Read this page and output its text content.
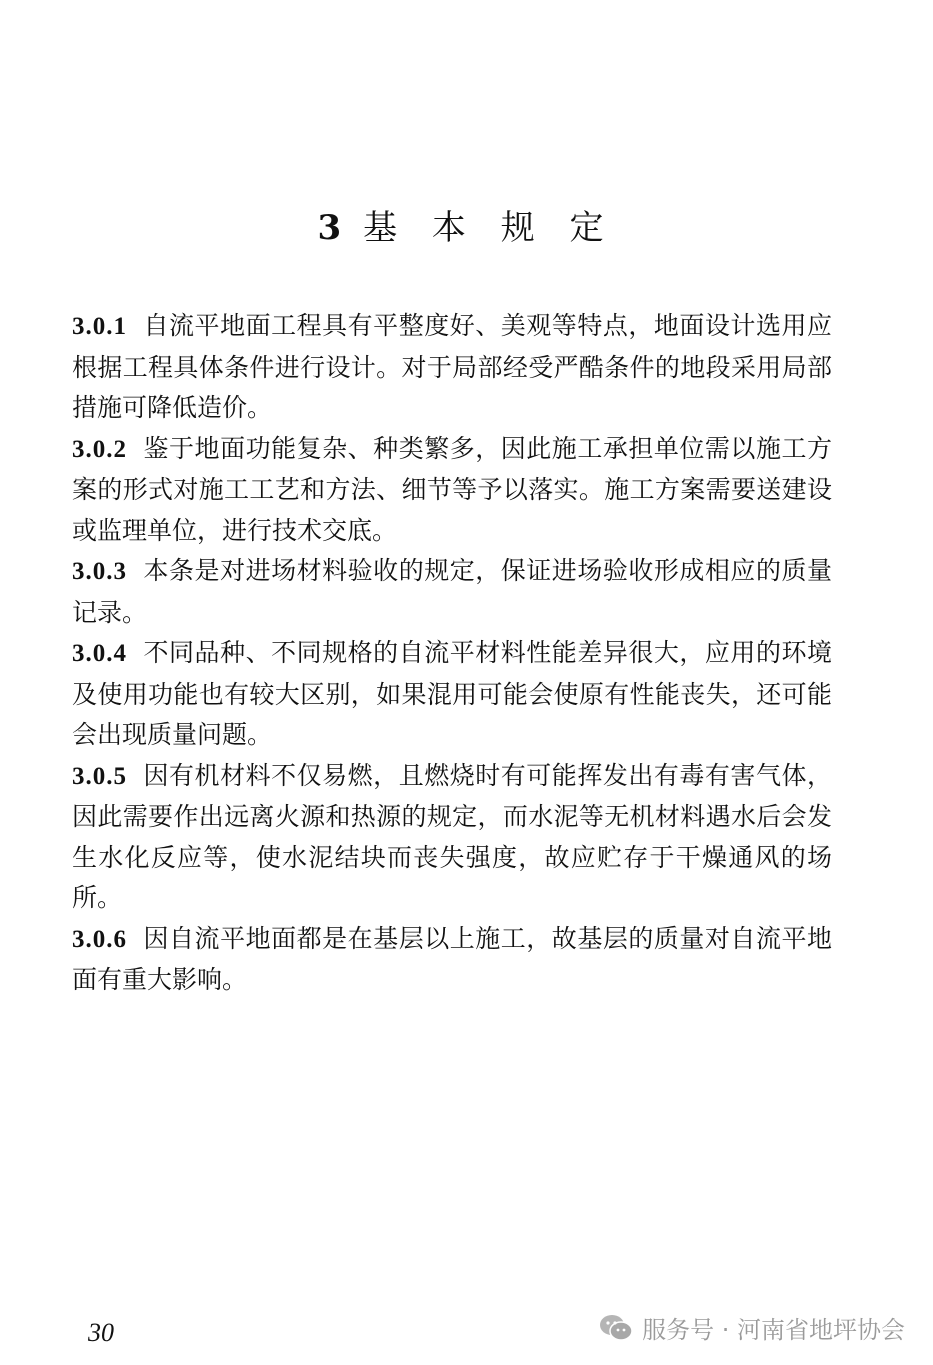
3 基 本 规 定

3.0.1 自流平地面工程具有平整度好、美观等特点，地面设计选用应根据工程具体条件进行设计。对于局部经受严酷条件的地段采用局部措施可降低造价。

3.0.2 鉴于地面功能复杂、种类繁多，因此施工承担单位需以施工方案的形式对施工工艺和方法、细节等予以落实。施工方案需要送建设或监理单位，进行技术交底。

3.0.3 本条是对进场材料验收的规定，保证进场验收形成相应的质量记录。

3.0.4 不同品种、不同规格的自流平材料性能差异很大，应用的环境及使用功能也有较大区别，如果混用可能会使原有性能丧失，还可能会出现质量问题。

3.0.5 因有机材料不仅易燃，且燃烧时有可能挥发出有毒有害气体，因此需要作出远离火源和热源的规定，而水泥等无机材料遇水后会发生水化反应等，使水泥结块而丧失强度，故应贮存于干燥通风的场所。

3.0.6 因自流平地面都是在基层以上施工，故基层的质量对自流平地面有重大影响。

30	服务号 · 河南省地坪协会
